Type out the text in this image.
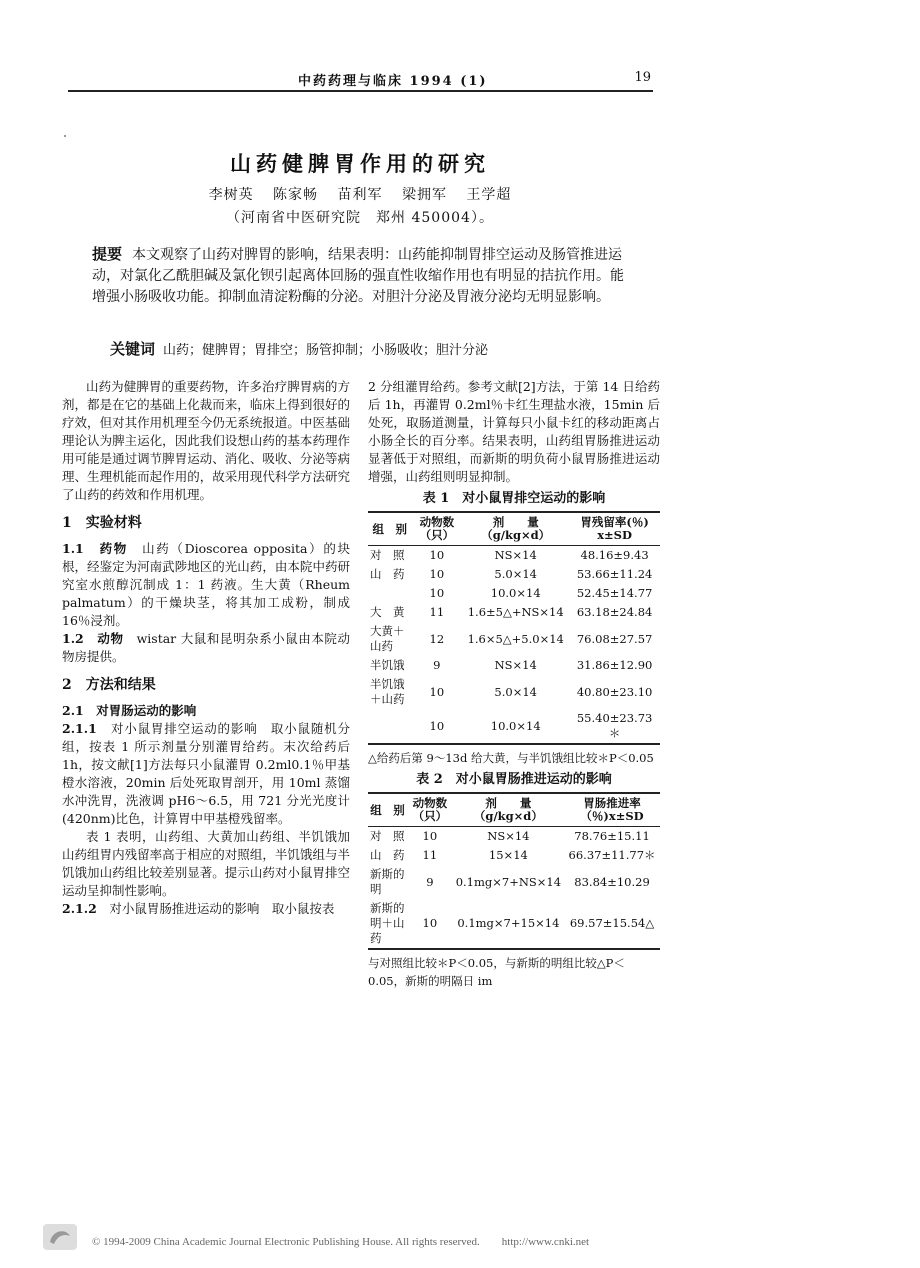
中药药理与临床 1994 (1)	19
山药健脾胃作用的研究
李树英 陈家畅 苗利军 梁拥军 王学超
（河南省中医研究院　郑州 450004）。
提要 本文观察了山药对脾胃的影响，结果表明：山药能抑制胃排空运动及肠管推进运动，对氯化乙酰胆碱及氯化钡引起离体回肠的强直性收缩作用也有明显的拮抗作用。能增强小肠吸收功能。抑制血清淀粉酶的分泌。对胆汁分泌及胃液分泌均无明显影响。
关键词 山药；健脾胃；胃排空；肠管抑制；小肠吸收；胆汁分泌

山药为健脾胃的重要药物，许多治疗脾胃病的方剂，都是在它的基础上化裁而来，临床上得到很好的疗效，但对其作用机理至今仍无系统报道。中医基础理论认为脾主运化，因此我们设想山药的基本药理作用可能是通过调节脾胃运动、消化、吸收、分泌等病理、生理机能而起作用的，故采用现代科学方法研究了山药的药效和作用机理。

1　实验材料

1.1　药物　 山药（Dioscorea opposita）的块根，经鉴定为河南武陟地区的光山药，由本院中药研究室水煎醇沉制成 1：1 药液。生大黄（Rheum palmatum）的干燥块茎，将其加工成粉，制成 16％浸剂。

1.2　动物　 wistar 大鼠和昆明杂系小鼠由本院动物房提供。

2　方法和结果
2.1　对胃肠运动的影响

2.1.1　 对小鼠胃排空运动的影响　取小鼠随机分组，按表 1 所示剂量分别灌胃给药。末次给药后 1h，按文献[1]方法每只小鼠灌胃 0.2ml0.1％甲基橙水溶液，20min 后处死取胃剖开，用 10ml 蒸馏水冲洗胃，洗液调 pH6～6.5，用 721 分光光度计(420nm)比色，计算胃中甲基橙残留率。

表 1 表明，山药组、大黄加山药组、半饥饿加山药组胃内残留率高于相应的对照组，半饥饿组与半饥饿加山药组比较差别显著。提示山药对小鼠胃排空运动呈抑制性影响。

2.1.2　 对小鼠胃肠推进运动的影响　取小鼠按表

2 分组灌胃给药。参考文献[2]方法，于第 14 日给药后 1h，再灌胃 0.2ml％卡红生理盐水液，15min 后处死，取肠道测量，计算每只小鼠卡红的移动距离占小肠全长的百分率。结果表明，山药组胃肠推进运动显著低于对照组，而新斯的明负荷小鼠胃肠推进运动增强，山药组则明显抑制。

表 1　对小鼠胃排空运动的影响
组　别	动物数（只）	剂　　量（g/kg×d）	胃残留率(％) x±SD
对　照	10	NS×14	48.16±9.43
山　药	10	5.0×14	53.66±11.24
	10	10.0×14	52.45±14.77
大　黄	11	1.6±5△+NS×14	63.18±24.84
大黄＋山药	12	1.6×5△+5.0×14	76.08±27.57
半饥饿	9	NS×14	31.86±12.90
半饥饿＋山药	10	5.0×14	40.80±23.10
	10	10.0×14	55.40±23.73＊
△给药后第 9～13d 给大黄，与半饥饿组比较＊P＜0.05
表 2　对小鼠胃肠推进运动的影响
组　别	动物数（只）	剂　　量（g/kg×d）	胃肠推进率（％)x±SD
对　照	10	NS×14	78.76±15.11
山　药	11	15×14	66.37±11.77＊
新斯的明	9	0.1mg×7+NS×14	83.84±10.29
新斯的明＋山药	10	0.1mg×7+15×14	69.57±15.54△
与对照组比较＊P＜0.05，与新斯的明组比较△P＜0.05，新斯的明隔日 im
© 1994-2009 China Academic Journal Electronic Publishing House. All rights reserved.　　http://www.cnki.net
